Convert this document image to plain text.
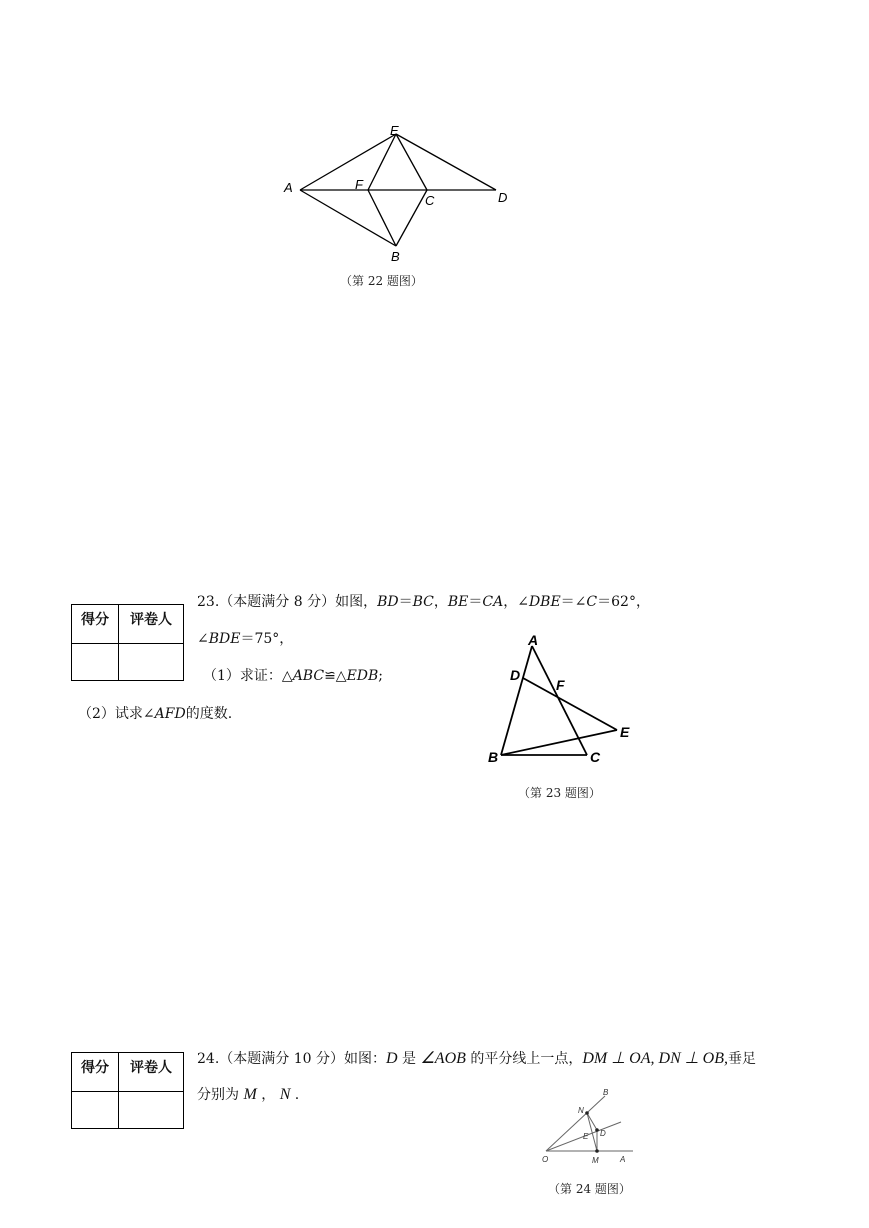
A
E
F
C	D
B
（第 22 题图）
得分	评卷人

23.（本题满分 8 分）如图，BD＝BC，BE＝CA，∠DBE＝∠C＝62°，
∠BDE＝75°，
（1）求证：△ABC≌△EDB;
（2）试求∠AFD的度数.
A
D
F
E
B	C
（第 23 题图）
得分	评卷人

24.（本题满分 10 分）如图：D 是 ∠AOB 的平分线上一点，DM ⊥ OA, DN ⊥ OB,垂足
分别为 M ， N .
O	A
B
M
N
D
E
（第 24 题图）
